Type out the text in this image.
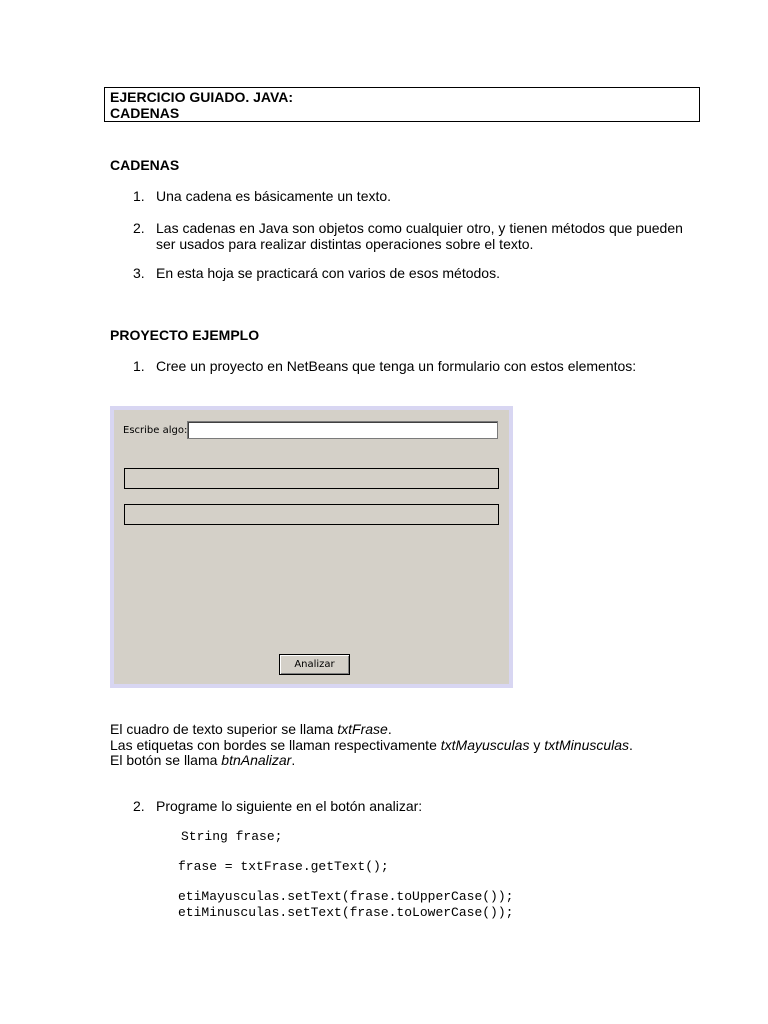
EJERCICIO GUIADO. JAVA:
CADENAS
CADENAS
1. Una cadena es básicamente un texto.
2. Las cadenas en Java son objetos como cualquier otro, y tienen métodos que pueden ser usados para realizar distintas operaciones sobre el texto.
3. En esta hoja se practicará con varios de esos métodos.
PROYECTO EJEMPLO
1. Cree un proyecto en NetBeans que tenga un formulario con estos elementos:
Escribe algo:
Analizar
El cuadro de texto superior se llama txtFrase.
Las etiquetas con bordes se llaman respectivamente txtMayusculas y txtMinusculas.
El botón se llama btnAnalizar.
2. Programe lo siguiente en el botón analizar:
String frase;
frase = txtFrase.getText();
etiMayusculas.setText(frase.toUpperCase());
etiMinusculas.setText(frase.toLowerCase());
